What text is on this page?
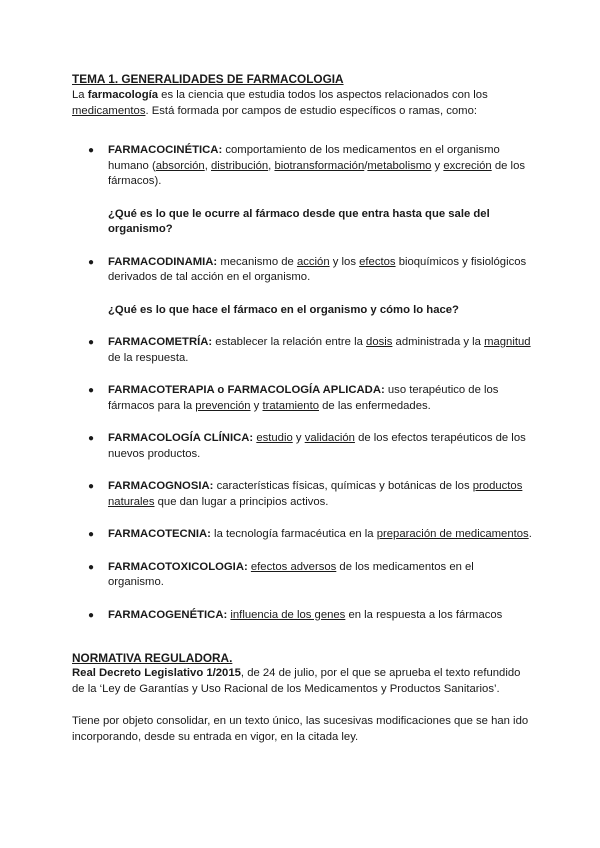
TEMA 1. GENERALIDADES DE FARMACOLOGIA

La farmacología es la ciencia que estudia todos los aspectos relacionados con los medicamentos. Está formada por campos de estudio específicos o ramas, como:

● FARMACOCINÉTICA: comportamiento de los medicamentos en el organismo humano (absorción, distribución, biotransformación/metabolismo y excreción de los fármacos).

¿Qué es lo que le ocurre al fármaco desde que entra hasta que sale del organismo?

● FARMACODINAMIA: mecanismo de acción y los efectos bioquímicos y fisiológicos derivados de tal acción en el organismo.

¿Qué es lo que hace el fármaco en el organismo y cómo lo hace?

● FARMACOMETRÍA: establecer la relación entre la dosis administrada y la magnitud de la respuesta.
● FARMACOTERAPIA o FARMACOLOGÍA APLICADA: uso terapéutico de los fármacos para la prevención y tratamiento de las enfermedades.
● FARMACOLOGÍA CLÍNICA: estudio y validación de los efectos terapéuticos de los nuevos productos.
● FARMACOGNOSIA: características físicas, químicas y botánicas de los productos naturales que dan lugar a principios activos.
● FARMACOTECNIA: la tecnología farmacéutica en la preparación de medicamentos.
● FARMACOTOXICOLOGIA: efectos adversos de los medicamentos en el organismo.
● FARMACOGENÉTICA: influencia de los genes en la respuesta a los fármacos

NORMATIVA REGULADORA.

Real Decreto Legislativo 1/2015, de 24 de julio, por el que se aprueba el texto refundido de la ‘Ley de Garantías y Uso Racional de los Medicamentos y Productos Sanitarios’.

Tiene por objeto consolidar, en un texto único, las sucesivas modificaciones que se han ido incorporando, desde su entrada en vigor, en la citada ley.
